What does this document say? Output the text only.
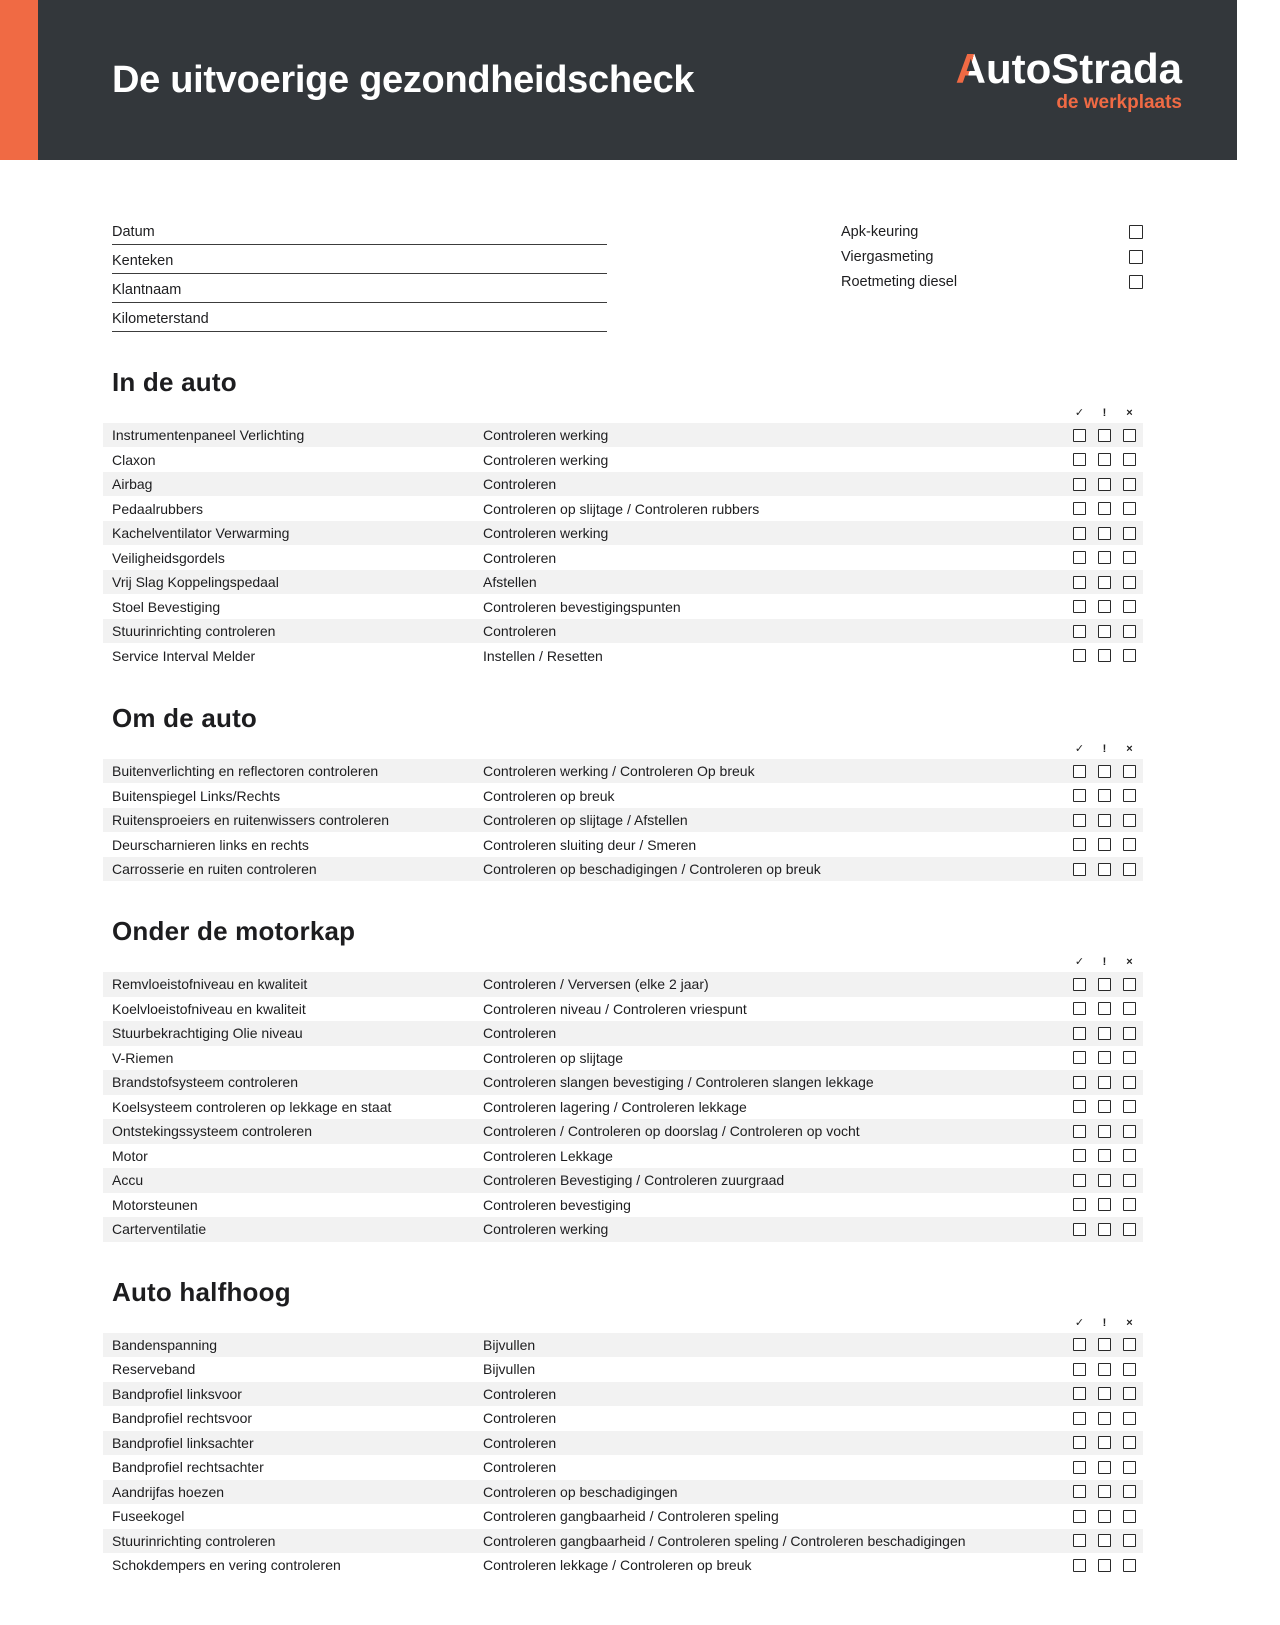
De uitvoerige gezondheidscheck	AutoStrada
de werkplaats
Datum
Kenteken
Klantnaam
Kilometerstand
Apk-keuring
Viergasmeting
Roetmeting diesel
In de auto
✓	!	×
Instrumentenpaneel Verlichting	Controleren werking
Claxon	Controleren werking
Airbag	Controleren
Pedaalrubbers	Controleren op slijtage / Controleren rubbers
Kachelventilator Verwarming	Controleren werking
Veiligheidsgordels	Controleren
Vrij Slag Koppelingspedaal	Afstellen
Stoel Bevestiging	Controleren bevestigingspunten
Stuurinrichting controleren	Controleren
Service Interval Melder	Instellen / Resetten
Om de auto
✓	!	×
Buitenverlichting en reflectoren controleren	Controleren werking / Controleren Op breuk
Buitenspiegel Links/Rechts	Controleren op breuk
Ruitensproeiers en ruitenwissers controleren	Controleren op slijtage / Afstellen
Deurscharnieren links en rechts	Controleren sluiting deur / Smeren
Carrosserie en ruiten controleren	Controleren op beschadigingen / Controleren op breuk
Onder de motorkap
✓	!	×
Remvloeistofniveau en kwaliteit	Controleren / Verversen (elke 2 jaar)
Koelvloeistofniveau en kwaliteit	Controleren niveau / Controleren vriespunt
Stuurbekrachtiging Olie niveau	Controleren
V-Riemen	Controleren op slijtage
Brandstofsysteem controleren	Controleren slangen bevestiging / Controleren slangen lekkage
Koelsysteem controleren op lekkage en staat	Controleren lagering / Controleren lekkage
Ontstekingssysteem controleren	Controleren / Controleren op doorslag / Controleren op vocht
Motor	Controleren Lekkage
Accu	Controleren Bevestiging / Controleren zuurgraad
Motorsteunen	Controleren bevestiging
Carterventilatie	Controleren werking
Auto halfhoog
✓	!	×
Bandenspanning	Bijvullen
Reserveband	Bijvullen
Bandprofiel linksvoor	Controleren
Bandprofiel rechtsvoor	Controleren
Bandprofiel linksachter	Controleren
Bandprofiel rechtsachter	Controleren
Aandrijfas hoezen	Controleren op beschadigingen
Fuseekogel	Controleren gangbaarheid / Controleren speling
Stuurinrichting controleren	Controleren gangbaarheid / Controleren speling / Controleren beschadigingen
Schokdempers en vering controleren	Controleren lekkage / Controleren op breuk
